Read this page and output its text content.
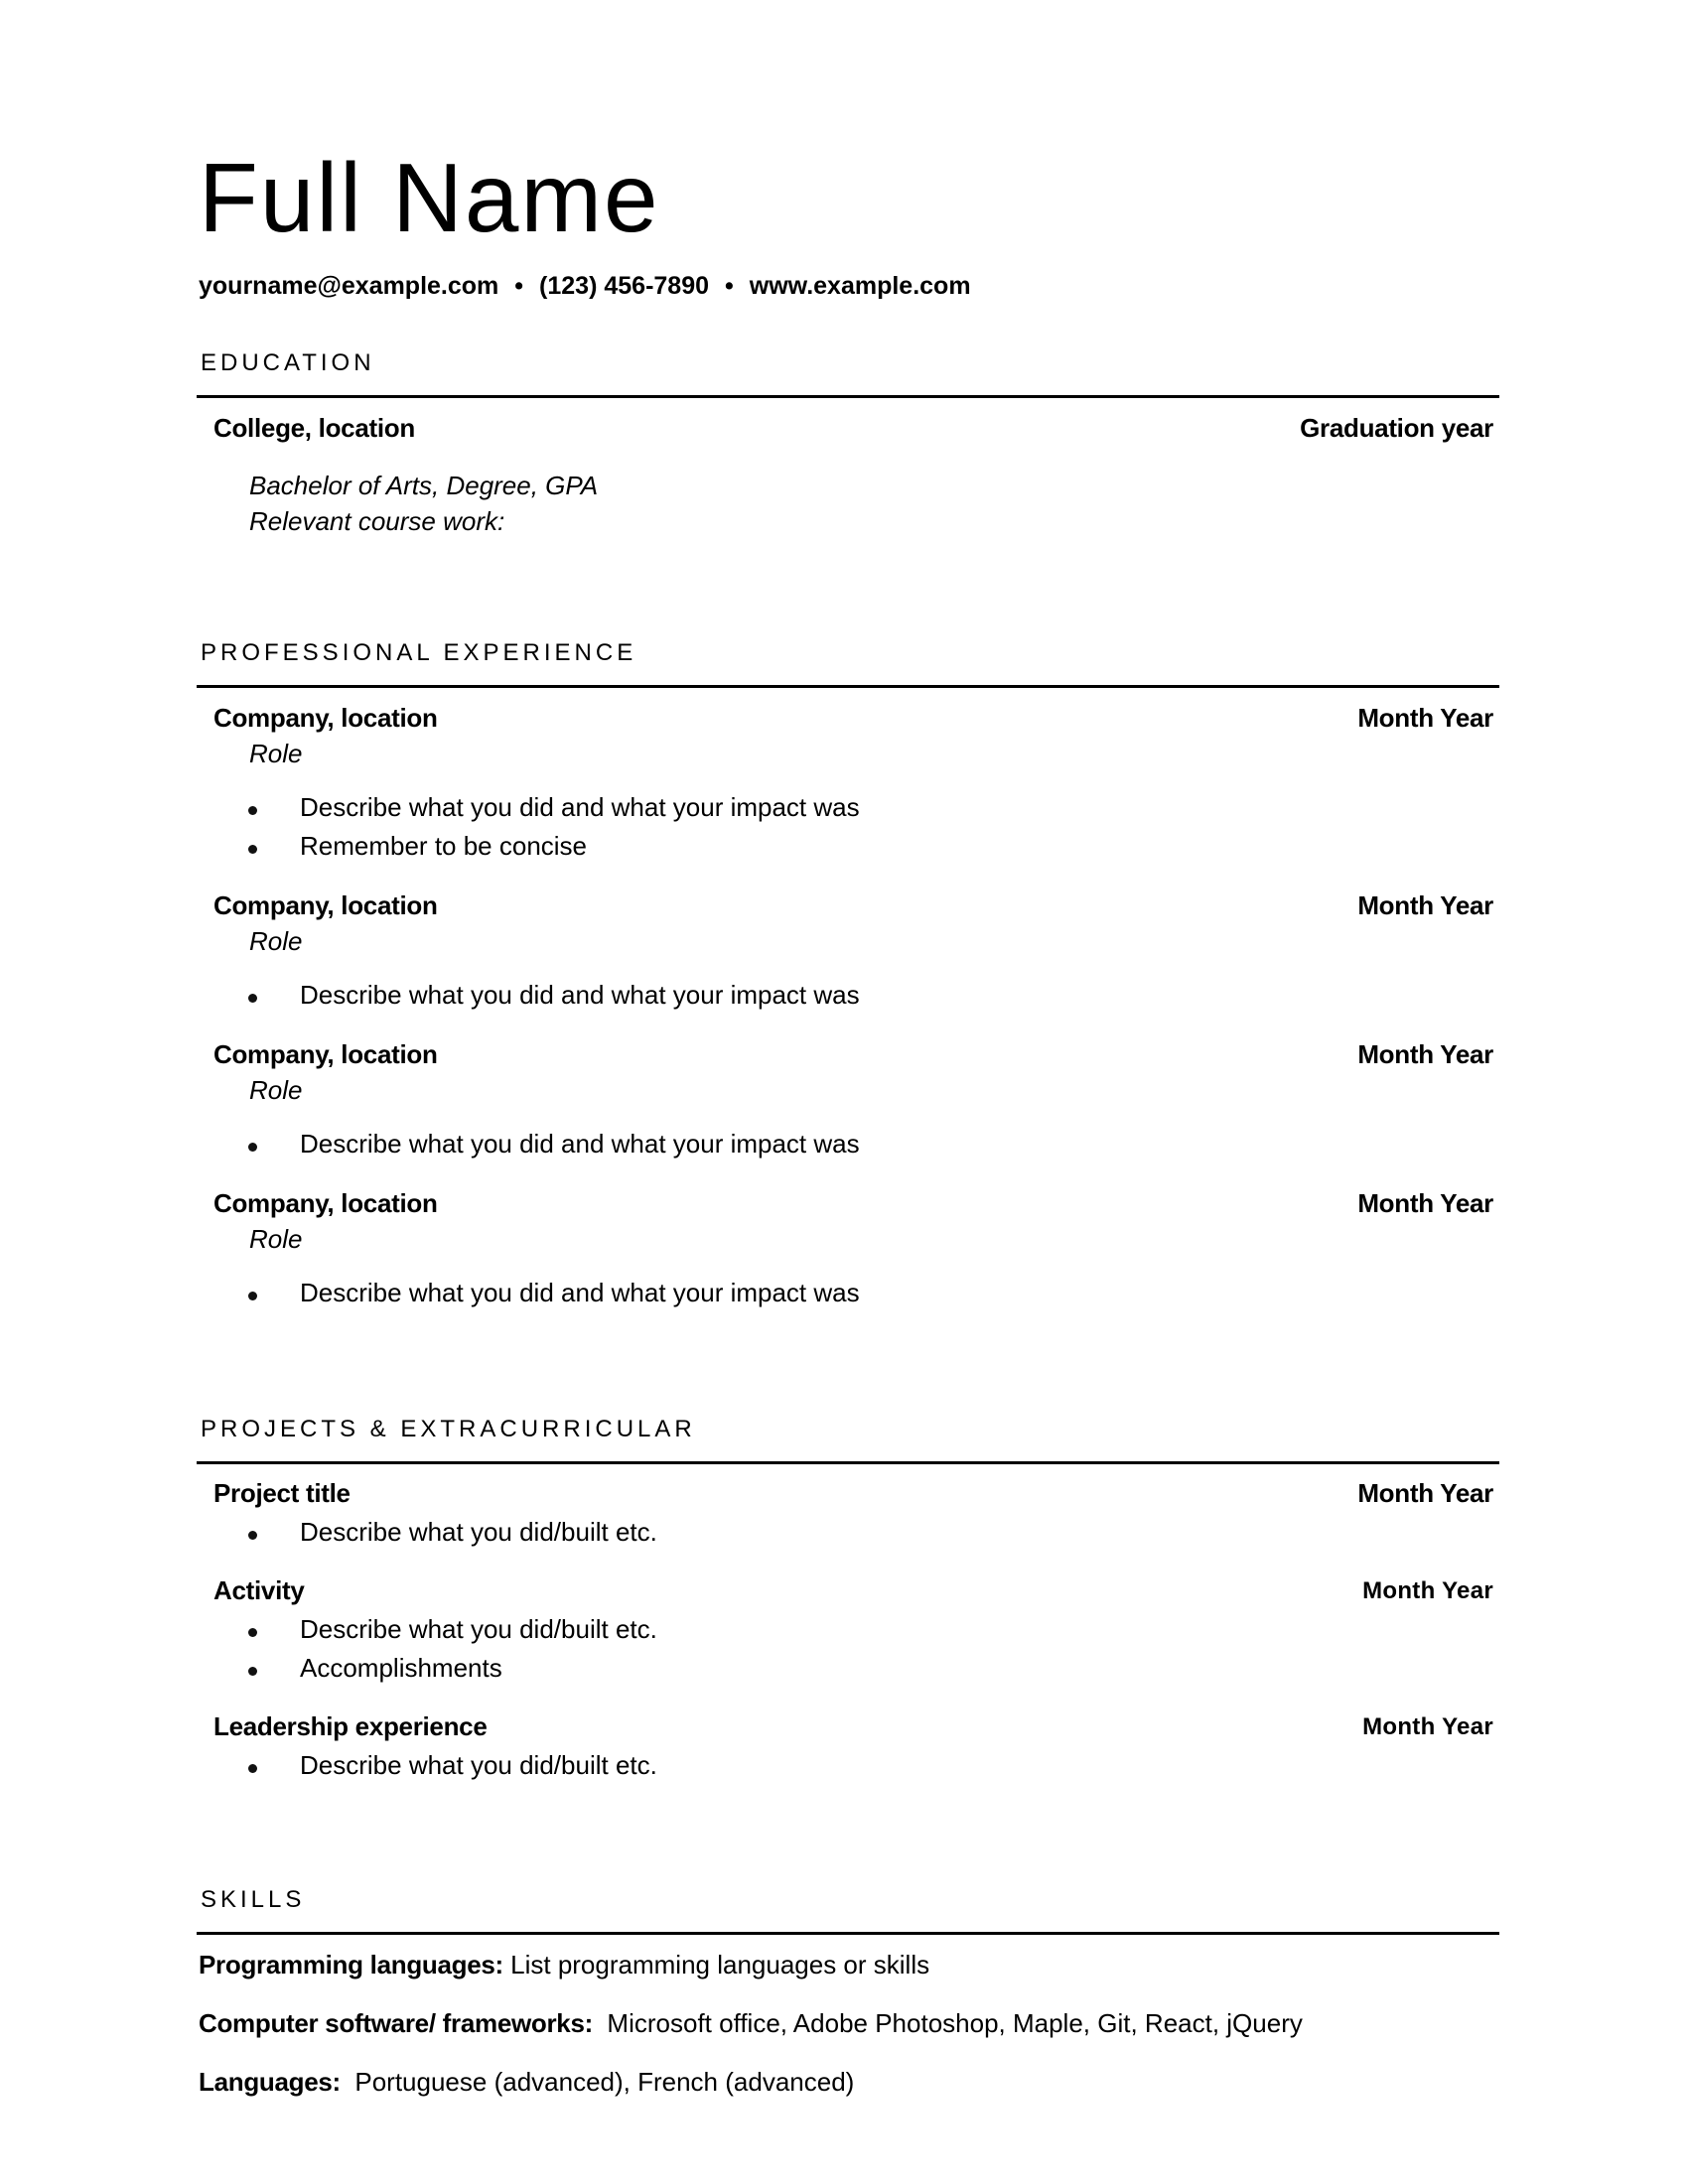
Full Name
yourname@example.com • (123) 456-7890 • www.example.com
EDUCATION
College, location	Graduation year
Bachelor of Arts, Degree, GPA
Relevant course work:
PROFESSIONAL EXPERIENCE
Company, location	Month Year
Role
Describe what you did and what your impact was
Remember to be concise
Company, location	Month Year
Role
Describe what you did and what your impact was
Company, location	Month Year
Role
Describe what you did and what your impact was
Company, location	Month Year
Role
Describe what you did and what your impact was
PROJECTS & EXTRACURRICULAR
Project title	Month Year
Describe what you did/built etc.
Activity	Month Year
Describe what you did/built etc.
Accomplishments
Leadership experience	Month Year
Describe what you did/built etc.
SKILLS
Programming languages: List programming languages or skills
Computer software/ frameworks:  Microsoft office, Adobe Photoshop, Maple, Git, React, jQuery
Languages:  Portuguese (advanced), French (advanced)
